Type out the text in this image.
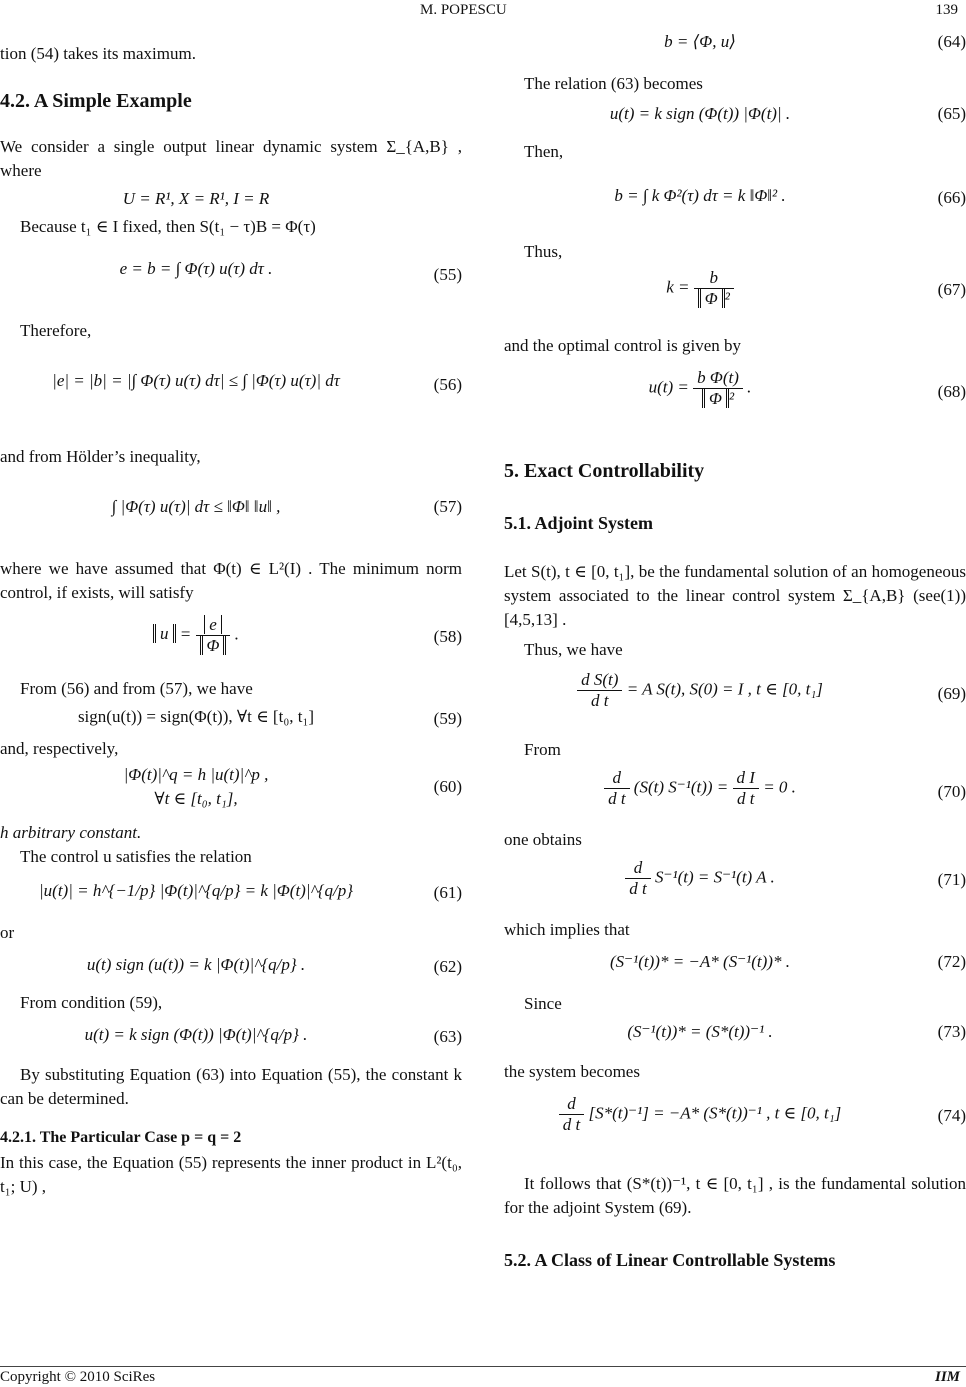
M. POPESCU	139

tion (54) takes its maximum.

4.2. A Simple Example

We consider a single output linear dynamic system Σ_{A,B} , where

U = R¹, X = R¹, I = R

Because t₁ ∈ I fixed, then S(t₁ − τ)B = Φ(τ)

e = b = ∫ Φ(τ) u(τ) dτ .	(55)

Therefore,

|e| = |b| = |∫ Φ(τ) u(τ) dτ| ≤ ∫ |Φ(τ) u(τ)| dτ	(56)

and from Hölder’s inequality,

∫ |Φ(τ) u(τ)| dτ ≤ ‖Φ‖ ‖u‖ ,	(57)

where we have assumed that Φ(t) ∈ L²(I) . The minimum norm control, if exists, will satisfy

$u = \frac{e}{\Phi}$ .	(58)

From (56) and from (57), we have

sign(u(t)) = sign(Φ(t)), ∀t ∈ [t₀, t₁]	(59)

and, respectively,

|Φ(t)|^q = h |u(t)|^p ,
∀t ∈ [t₀, t₁],
(60)

h arbitrary constant.

The control u satisfies the relation

|u(t)| = h^{−1/p} |Φ(t)|^{q/p} = k |Φ(t)|^{q/p}	(61)

or

u(t) sign (u(t)) = k |Φ(t)|^{q/p} .	(62)

From condition (59),

u(t) = k sign (Φ(t)) |Φ(t)|^{q/p} .	(63)

By substituting Equation (63) into Equation (55), the constant k can be determined.

4.2.1. The Particular Case p = q = 2

In this case, the Equation (55) represents the inner product in L²(t₀, t₁; U) ,

b = ⟨Φ, u⟩	(64)

The relation (63) becomes

u(t) = k sign (Φ(t)) |Φ(t)| .	(65)

Then,

b = ∫ k Φ²(τ) dτ = k ‖Φ‖² .	(66)

Thus,

$k = \frac{b}{\text{Φ ²}}$	(67)

and the optimal control is given by

$u(t) = \frac{\text{b Φ(t)}}{\text{Φ ²}}$ .	(68)

5. Exact Controllability

5.1. Adjoint System

Let S(t), t ∈ [0, t₁], be the fundamental solution of an homogeneous system associated to the linear control system Σ_{A,B} (see(1)) [4,5,13] .

Thus, we have

$\frac{\text{d S(t)}}{\text{d t}} = A$ S(t), S(0) = I , t ∈ [0, t₁]	(69)

From

$\frac{d}{\text{d t}} (S(t) S^{-1}(t)) = \frac{\text{d I}}{\text{d t}} = 0$ .	(70)

one obtains

$\frac{d}{\text{d t}} S^{-1}(t) = S^{-1}(t)$ A .	(71)

which implies that

(S⁻¹(t))* = −A* (S⁻¹(t))* .	(72)

Since

(S⁻¹(t))* = (S*(t))⁻¹ .	(73)

the system becomes

$\frac{d}{\text{d t}} [S*(t)^{-1}] = -A*$ (S*(t))⁻¹ , t ∈ [0, t₁]	(74)

It follows that (S*(t))⁻¹, t ∈ [0, t₁] , is the fundamental solution for the adjoint System (69).

5.2. A Class of Linear Controllable Systems

Copyright © 2010 SciRes	IIM
